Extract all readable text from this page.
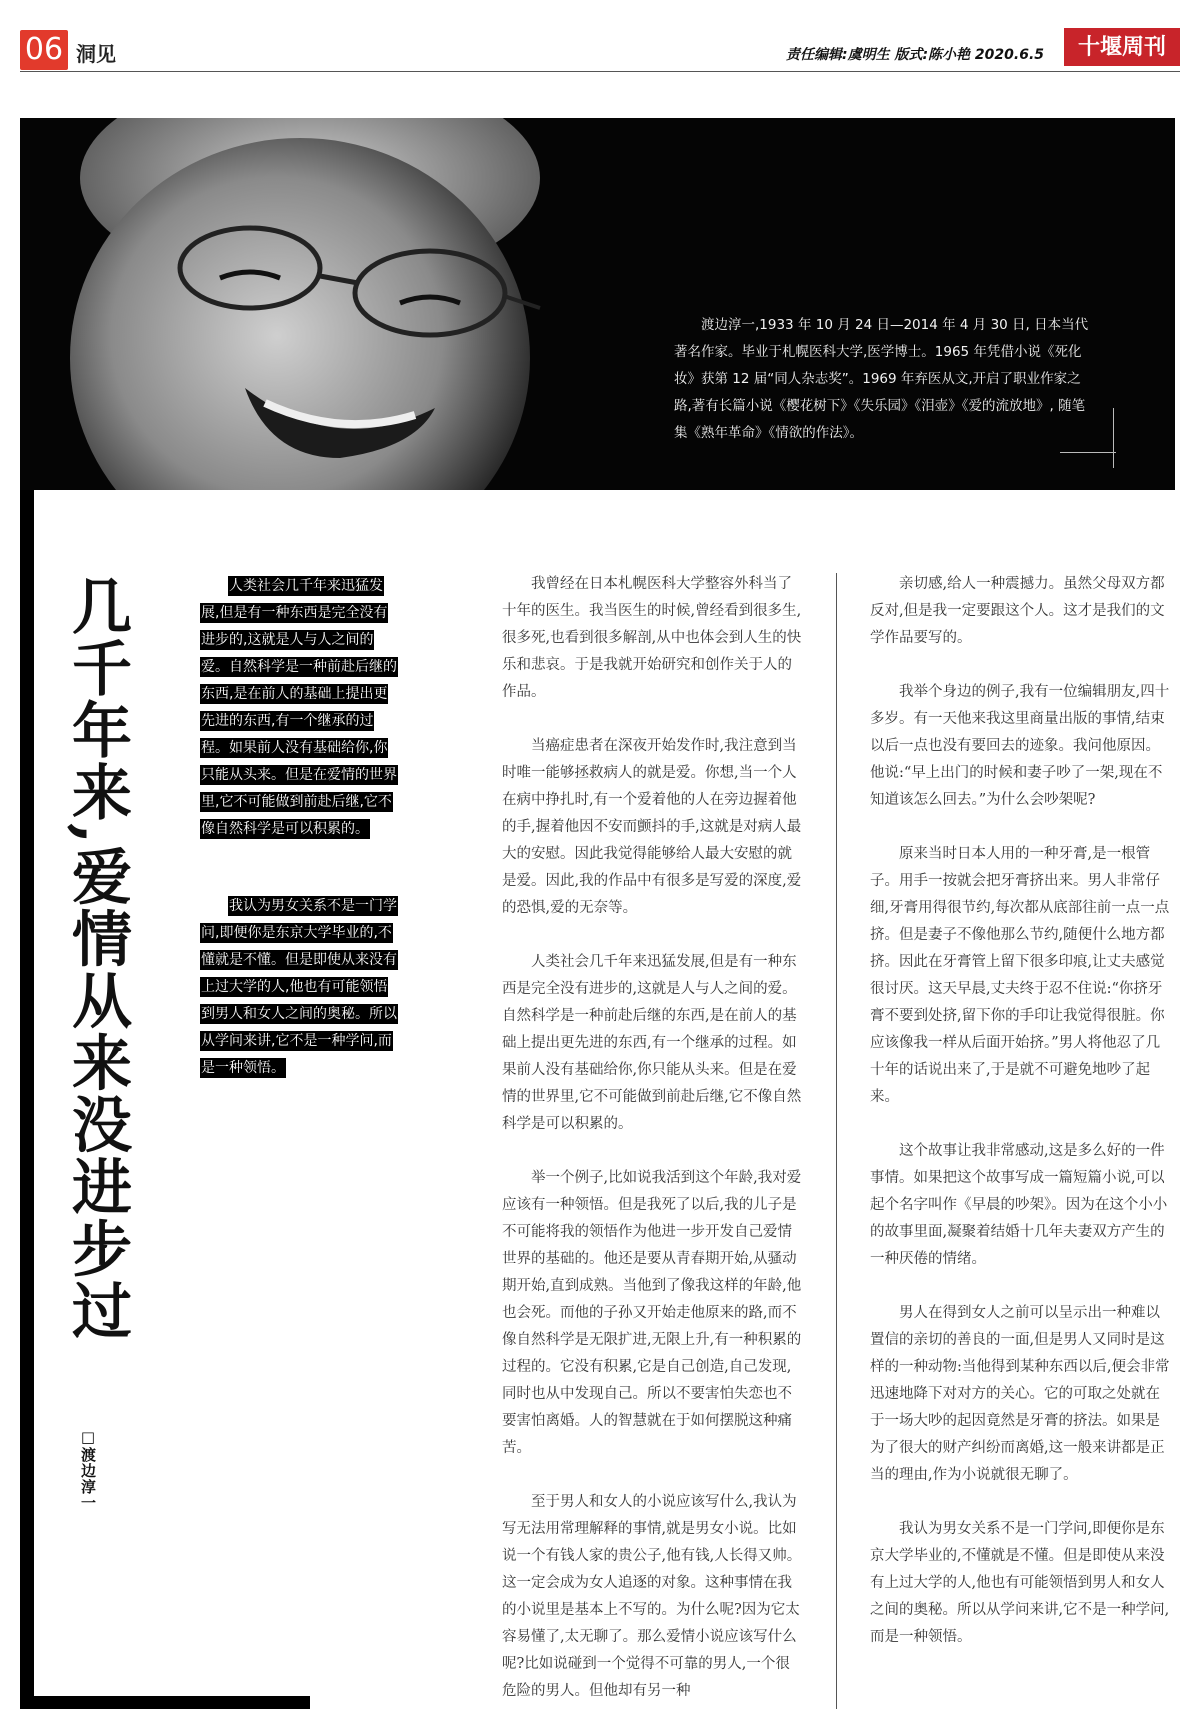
06 洞见	责任编辑:虞明生 版式:陈小艳 2020.6.5	十堰周刊
渡边淳一,1933 年 10 月 24 日—2014 年 4 月 30 日, 日本当代著名作家。毕业于札幌医科大学,医学博士。1965 年凭借小说《死化妆》获第 12 届“同人杂志奖”。1969 年弃医从文,开启了职业作家之路,著有长篇小说《樱花树下》《失乐园》《泪壶》《爱的流放地》, 随笔集《熟年革命》《情欲的作法》。
几千年来,爱情从来没进步过
□渡边淳一
人类社会几千年来迅猛发展,但是有一种东西是完全没有进步的,这就是人与人之间的爱。自然科学是一种前赴后继的东西,是在前人的基础上提出更先进的东西,有一个继承的过程。如果前人没有基础给你,你只能从头来。但是在爱情的世界里,它不可能做到前赴后继,它不像自然科学是可以积累的。
我认为男女关系不是一门学问,即便你是东京大学毕业的,不懂就是不懂。但是即使从来没有上过大学的人,他也有可能领悟到男人和女人之间的奥秘。所以从学问来讲,它不是一种学问,而是一种领悟。

我曾经在日本札幌医科大学整容外科当了十年的医生。我当医生的时候,曾经看到很多生,很多死,也看到很多解剖,从中也体会到人生的快乐和悲哀。于是我就开始研究和创作关于人的作品。

当癌症患者在深夜开始发作时,我注意到当时唯一能够拯救病人的就是爱。你想,当一个人在病中挣扎时,有一个爱着他的人在旁边握着他的手,握着他因不安而颤抖的手,这就是对病人最大的安慰。因此我觉得能够给人最大安慰的就是爱。因此,我的作品中有很多是写爱的深度,爱的恐惧,爱的无奈等。

人类社会几千年来迅猛发展,但是有一种东西是完全没有进步的,这就是人与人之间的爱。自然科学是一种前赴后继的东西,是在前人的基础上提出更先进的东西,有一个继承的过程。如果前人没有基础给你,你只能从头来。但是在爱情的世界里,它不可能做到前赴后继,它不像自然科学是可以积累的。

举一个例子,比如说我活到这个年龄,我对爱应该有一种领悟。但是我死了以后,我的儿子是不可能将我的领悟作为他进一步开发自己爱情世界的基础的。他还是要从青春期开始,从骚动期开始,直到成熟。当他到了像我这样的年龄,他也会死。而他的子孙又开始走他原来的路,而不像自然科学是无限扩进,无限上升,有一种积累的过程的。它没有积累,它是自己创造,自己发现,同时也从中发现自己。所以不要害怕失恋也不要害怕离婚。人的智慧就在于如何摆脱这种痛苦。

至于男人和女人的小说应该写什么,我认为写无法用常理解释的事情,就是男女小说。比如说一个有钱人家的贵公子,他有钱,人长得又帅。这一定会成为女人追逐的对象。这种事情在我的小说里是基本上不写的。为什么呢?因为它太容易懂了,太无聊了。那么爱情小说应该写什么呢?比如说碰到一个觉得不可靠的男人,一个很危险的男人。但他却有另一种

亲切感,给人一种震撼力。虽然父母双方都反对,但是我一定要跟这个人。这才是我们的文学作品要写的。

我举个身边的例子,我有一位编辑朋友,四十多岁。有一天他来我这里商量出版的事情,结束以后一点也没有要回去的迹象。我问他原因。他说:“早上出门的时候和妻子吵了一架,现在不知道该怎么回去。”为什么会吵架呢?

原来当时日本人用的一种牙膏,是一根管子。用手一按就会把牙膏挤出来。男人非常仔细,牙膏用得很节约,每次都从底部往前一点一点挤。但是妻子不像他那么节约,随便什么地方都挤。因此在牙膏管上留下很多印痕,让丈夫感觉很讨厌。这天早晨,丈夫终于忍不住说:“你挤牙膏不要到处挤,留下你的手印让我觉得很脏。你应该像我一样从后面开始挤。”男人将他忍了几十年的话说出来了,于是就不可避免地吵了起来。

这个故事让我非常感动,这是多么好的一件事情。如果把这个故事写成一篇短篇小说,可以起个名字叫作《早晨的吵架》。因为在这个小小的故事里面,凝聚着结婚十几年夫妻双方产生的一种厌倦的情绪。

男人在得到女人之前可以呈示出一种难以置信的亲切的善良的一面,但是男人又同时是这样的一种动物:当他得到某种东西以后,便会非常迅速地降下对对方的关心。它的可取之处就在于一场大吵的起因竟然是牙膏的挤法。如果是为了很大的财产纠纷而离婚,这一般来讲都是正当的理由,作为小说就很无聊了。

我认为男女关系不是一门学问,即便你是东京大学毕业的,不懂就是不懂。但是即使从来没有上过大学的人,他也有可能领悟到男人和女人之间的奥秘。所以从学问来讲,它不是一种学问,而是一种领悟。
